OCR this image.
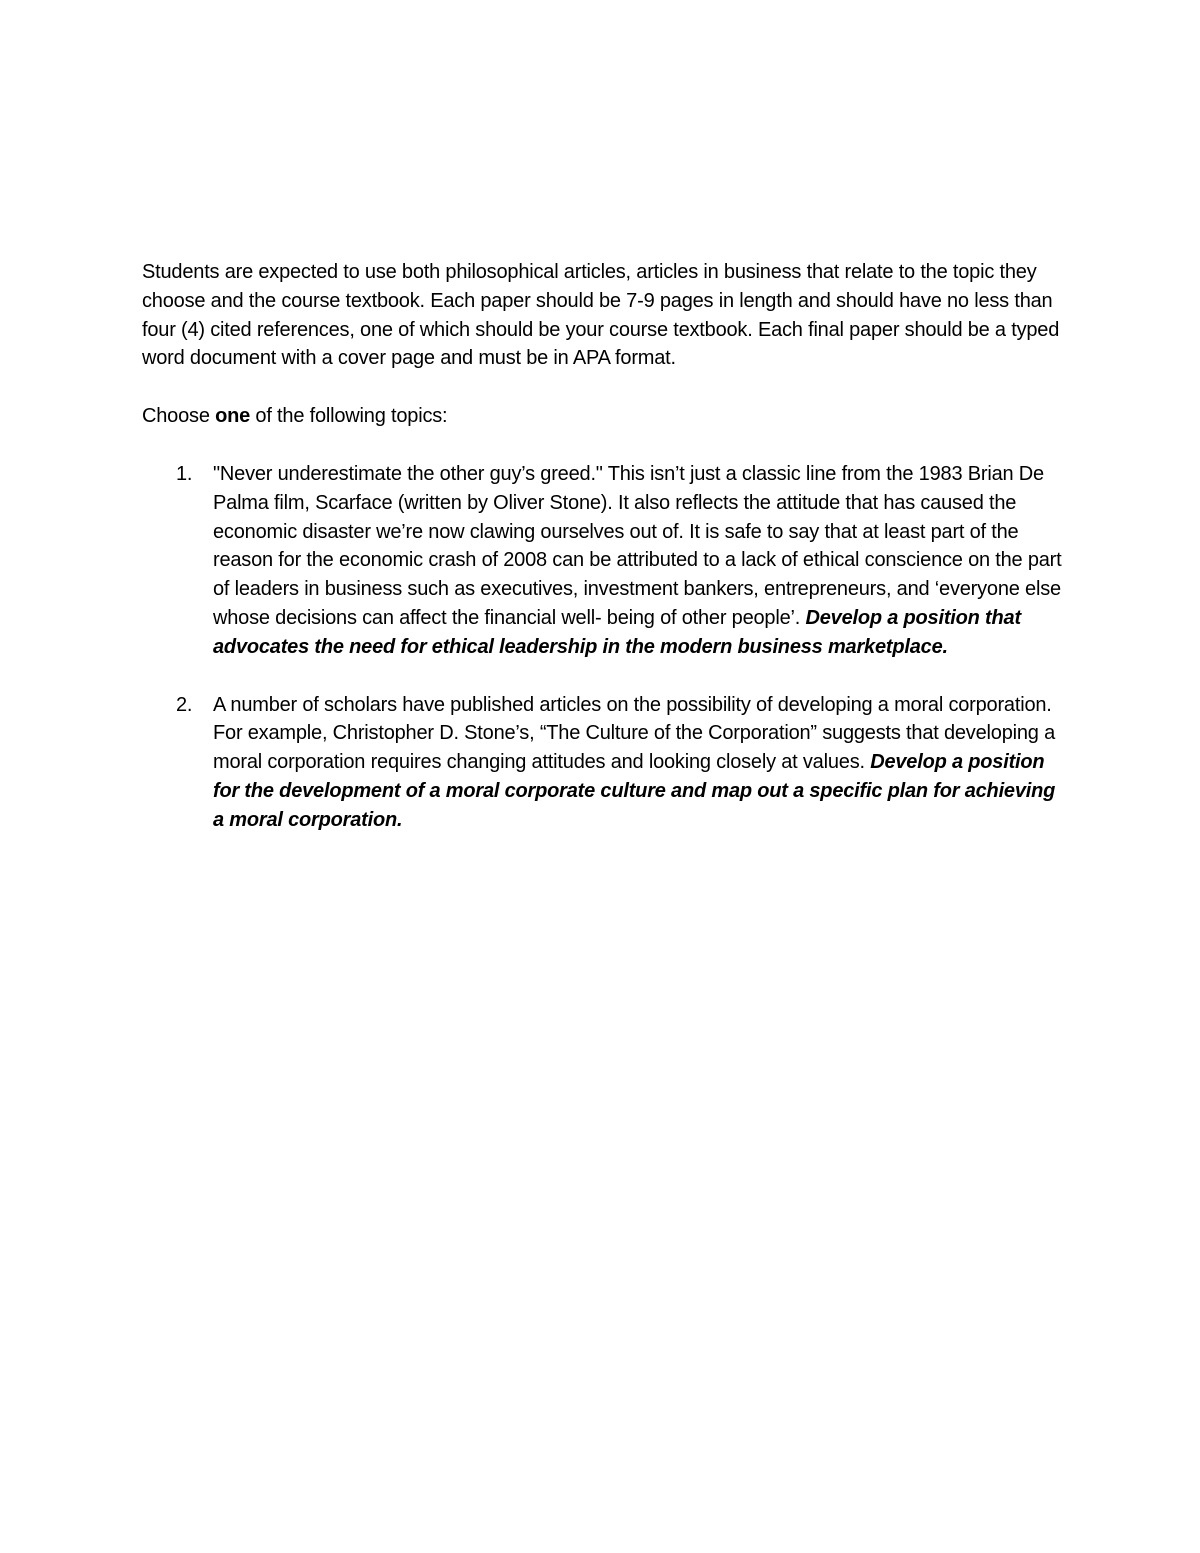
Students are expected to use both philosophical articles, articles in business that relate to the topic they choose and the course textbook. Each paper should be 7-9 pages in length and should have no less than four (4) cited references, one of which should be your course textbook. Each final paper should be a typed word document with a cover page and must be in APA format.

Choose one of the following topics:

1. "Never underestimate the other guy’s greed." This isn’t just a classic line from the 1983 Brian De Palma film, Scarface (written by Oliver Stone). It also reflects the attitude that has caused the economic disaster we’re now clawing ourselves out of. It is safe to say that at least part of the reason for the economic crash of 2008 can be attributed to a lack of ethical conscience on the part of leaders in business such as executives, investment bankers, entrepreneurs, and ‘everyone else whose decisions can affect the financial well- being of other people’. Develop a position that advocates the need for ethical leadership in the modern business marketplace.
2. A number of scholars have published articles on the possibility of developing a moral corporation. For example, Christopher D. Stone’s, “The Culture of the Corporation” suggests that developing a moral corporation requires changing attitudes and looking closely at values. Develop a position for the development of a moral corporate culture and map out a specific plan for achieving a moral corporation.
